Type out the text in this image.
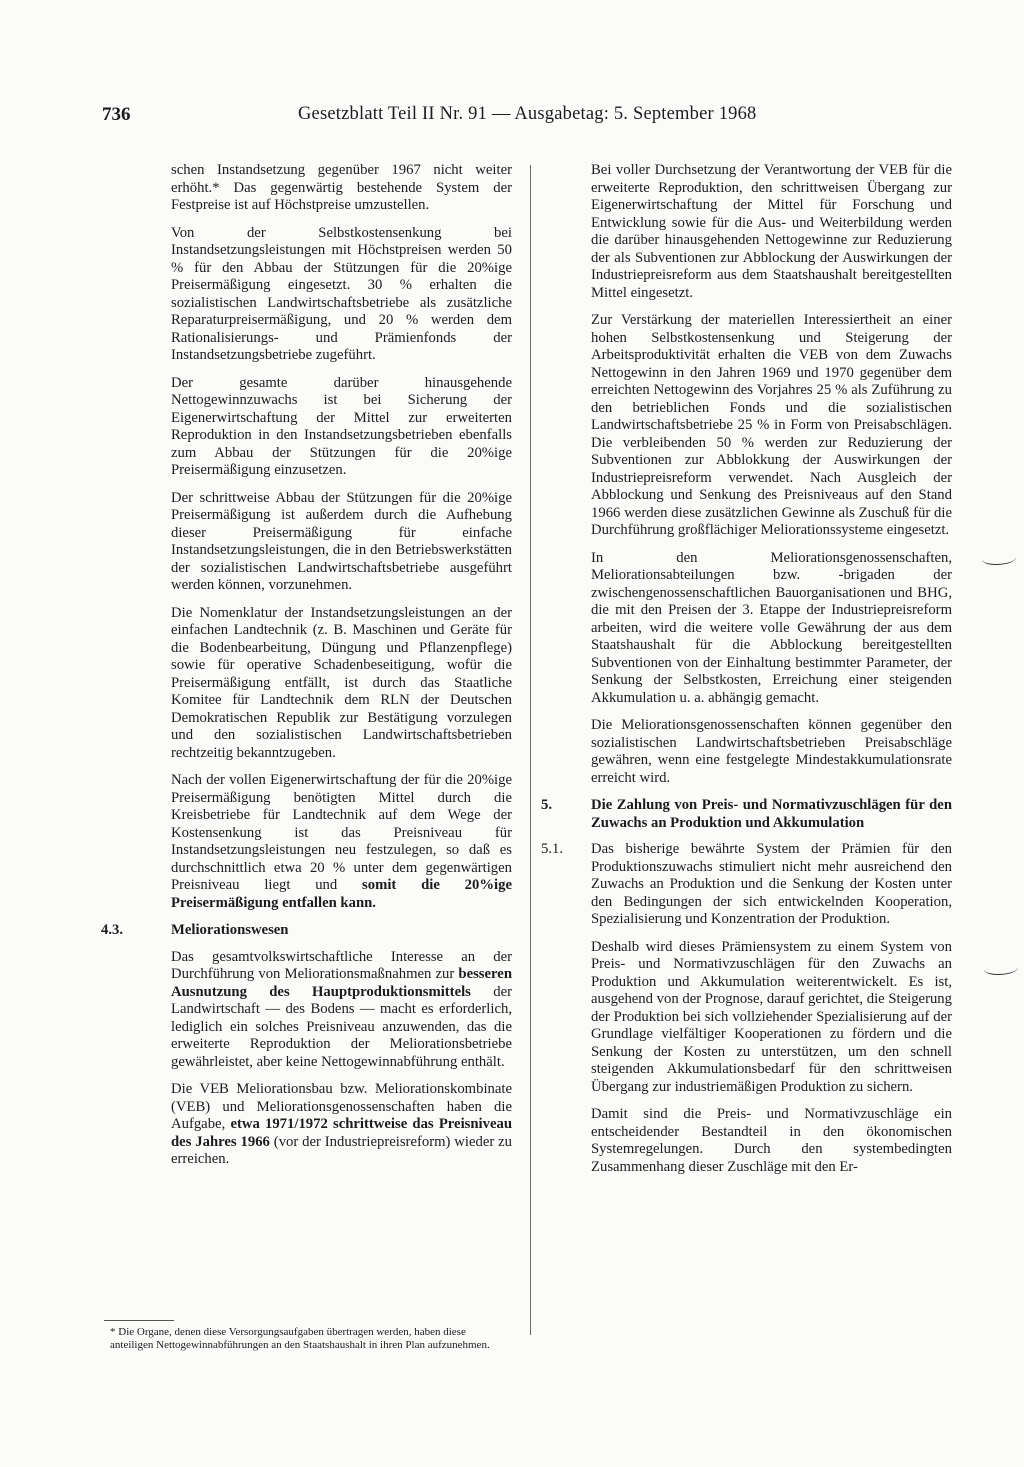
736	Gesetzblatt Teil II Nr. 91 — Ausgabetag: 5. September 1968

schen Instandsetzung gegenüber 1967 nicht weiter erhöht.* Das gegenwärtig bestehende System der Festpreise ist auf Höchstpreise umzustellen.

Von der Selbstkostensenkung bei Instandsetzungsleistungen mit Höchstpreisen werden 50 % für den Abbau der Stützungen für die 20%ige Preisermäßigung eingesetzt. 30 % erhalten die sozialistischen Landwirtschaftsbetriebe als zusätzliche Reparaturpreisermäßigung, und 20 % werden dem Rationalisierungs- und Prämienfonds der Instandsetzungsbetriebe zugeführt.

Der gesamte darüber hinausgehende Nettogewinnzuwachs ist bei Sicherung der Eigenerwirtschaftung der Mittel zur erweiterten Reproduktion in den Instandsetzungsbetrieben ebenfalls zum Abbau der Stützungen für die 20%ige Preisermäßigung einzusetzen.

Der schrittweise Abbau der Stützungen für die 20%ige Preisermäßigung ist außerdem durch die Aufhebung dieser Preisermäßigung für einfache Instandsetzungsleistungen, die in den Betriebswerkstätten der sozialistischen Landwirtschaftsbetriebe ausgeführt werden können, vorzunehmen.

Die Nomenklatur der Instandsetzungsleistungen an der einfachen Landtechnik (z. B. Maschinen und Geräte für die Bodenbearbeitung, Düngung und Pflanzenpflege) sowie für operative Schadenbeseitigung, wofür die Preisermäßigung entfällt, ist durch das Staatliche Komitee für Landtechnik dem RLN der Deutschen Demokratischen Republik zur Bestätigung vorzulegen und den sozialistischen Landwirtschaftsbetrieben rechtzeitig bekanntzugeben.

Nach der vollen Eigenerwirtschaftung der für die 20%ige Preisermäßigung benötigten Mittel durch die Kreisbetriebe für Landtechnik auf dem Wege der Kostensenkung ist das Preisniveau für Instandsetzungsleistungen neu festzulegen, so daß es durchschnittlich etwa 20 % unter dem gegenwärtigen Preisniveau liegt und somit die 20%ige Preisermäßigung entfallen kann.

4.3.	Meliorationswesen

Das gesamtvolkswirtschaftliche Interesse an der Durchführung von Meliorationsmaßnahmen zur besseren Ausnutzung des Hauptproduktionsmittels der Landwirtschaft — des Bodens — macht es erforderlich, lediglich ein solches Preisniveau anzuwenden, das die erweiterte Reproduktion der Meliorationsbetriebe gewährleistet, aber keine Nettogewinnabführung enthält.

Die VEB Meliorationsbau bzw. Meliorationskombinate (VEB) und Meliorationsgenossenschaften haben die Aufgabe, etwa 1971/1972 schrittweise das Preisniveau des Jahres 1966 (vor der Industriepreisreform) wieder zu erreichen.

* Die Organe, denen diese Versorgungsaufgaben übertragen werden, haben diese anteiligen Nettogewinnabführungen an den Staatshaushalt in ihren Plan aufzunehmen.

Bei voller Durchsetzung der Verantwortung der VEB für die erweiterte Reproduktion, den schrittweisen Übergang zur Eigenerwirtschaftung der Mittel für Forschung und Entwicklung sowie für die Aus- und Weiterbildung werden die darüber hinausgehenden Nettogewinne zur Reduzierung der als Subventionen zur Abblockung der Auswirkungen der Industriepreisreform aus dem Staatshaushalt bereitgestellten Mittel eingesetzt.

Zur Verstärkung der materiellen Interessiertheit an einer hohen Selbstkostensenkung und Steigerung der Arbeitsproduktivität erhalten die VEB von dem Zuwachs Nettogewinn in den Jahren 1969 und 1970 gegenüber dem erreichten Nettogewinn des Vorjahres 25 % als Zuführung zu den betrieblichen Fonds und die sozialistischen Landwirtschaftsbetriebe 25 % in Form von Preisabschlägen. Die verbleibenden 50 % werden zur Reduzierung der Subventionen zur Abblokkung der Auswirkungen der Industriepreisreform verwendet. Nach Ausgleich der Abblockung und Senkung des Preisniveaus auf den Stand 1966 werden diese zusätzlichen Gewinne als Zuschuß für die Durchführung großflächiger Meliorationssysteme eingesetzt.

In den Meliorationsgenossenschaften, Meliorationsabteilungen bzw. -brigaden der zwischengenossenschaftlichen Bauorganisationen und BHG, die mit den Preisen der 3. Etappe der Industriepreisreform arbeiten, wird die weitere volle Gewährung der aus dem Staatshaushalt für die Abblockung bereitgestellten Subventionen von der Einhaltung bestimmter Parameter, der Senkung der Selbstkosten, Erreichung einer steigenden Akkumulation u. a. abhängig gemacht.

Die Meliorationsgenossenschaften können gegenüber den sozialistischen Landwirtschaftsbetrieben Preisabschläge gewähren, wenn eine festgelegte Mindestakkumulationsrate erreicht wird.

5.	Die Zahlung von Preis- und Normativzuschlägen für den Zuwachs an Produktion und Akkumulation
5.1. Das bisherige bewährte System der Prämien für den Produktionszuwachs stimuliert nicht mehr ausreichend den Zuwachs an Produktion und die Senkung der Kosten unter den Bedingungen der sich entwickelnden Kooperation, Spezialisierung und Konzentration der Produktion.

Deshalb wird dieses Prämiensystem zu einem System von Preis- und Normativzuschlägen für den Zuwachs an Produktion und Akkumulation weiterentwickelt. Es ist, ausgehend von der Prognose, darauf gerichtet, die Steigerung der Produktion bei sich vollziehender Spezialisierung auf der Grundlage vielfältiger Kooperationen zu fördern und die Senkung der Kosten zu unterstützen, um den schnell steigenden Akkumulationsbedarf für den schrittweisen Übergang zur industriemäßigen Produktion zu sichern.

Damit sind die Preis- und Normativzuschläge ein entscheidender Bestandteil in den ökonomischen Systemregelungen. Durch den systembedingten Zusammenhang dieser Zuschläge mit den Er-
